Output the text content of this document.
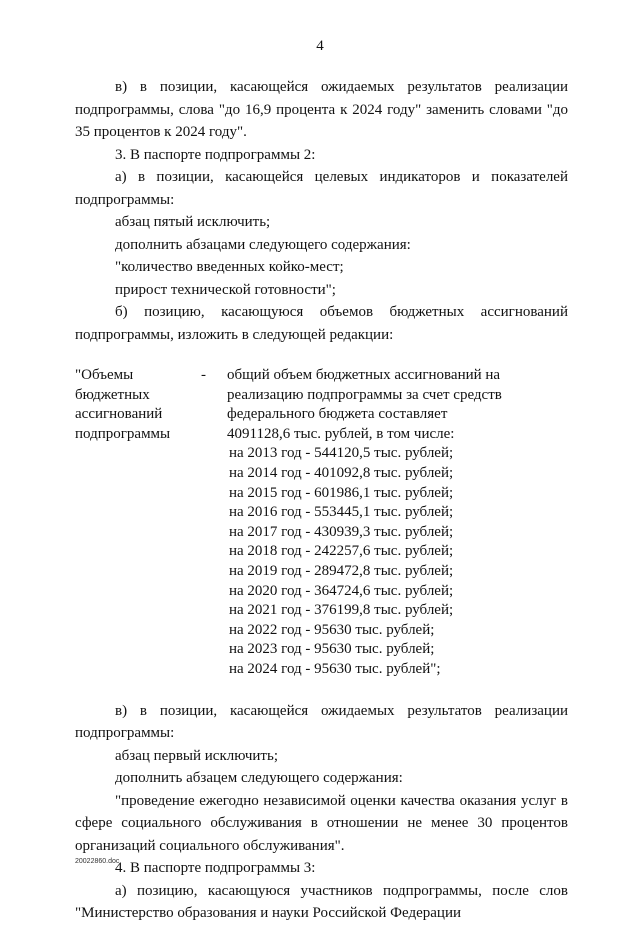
4

в) в позиции, касающейся ожидаемых результатов реализации подпрограммы, слова "до 16,9 процента к 2024 году" заменить словами "до 35 процентов к 2024 году".

3. В паспорте подпрограммы 2:

а) в позиции, касающейся целевых индикаторов и показателей подпрограммы:

абзац пятый исключить;

дополнить абзацами следующего содержания:

"количество введенных койко-мест;

прирост технической готовности";

б) позицию, касающуюся объемов бюджетных ассигнований подпрограммы, изложить в следующей редакции:

"Объемы
бюджетных
ассигнований
подпрограммы
-	общий объем бюджетных ассигнований на
реализацию подпрограммы за счет средств
федерального бюджета составляет
4091128,6 тыс. рублей, в том числе:
на 2013 год - 544120,5 тыс. рублей;
на 2014 год - 401092,8 тыс. рублей;
на 2015 год - 601986,1 тыс. рублей;
на 2016 год - 553445,1 тыс. рублей;
на 2017 год - 430939,3 тыс. рублей;
на 2018 год - 242257,6 тыс. рублей;
на 2019 год - 289472,8 тыс. рублей;
на 2020 год - 364724,6 тыс. рублей;
на 2021 год - 376199,8 тыс. рублей;
на 2022 год - 95630 тыс. рублей;
на 2023 год - 95630 тыс. рублей;
на 2024 год - 95630 тыс. рублей";

в) в позиции, касающейся ожидаемых результатов реализации подпрограммы:

абзац первый исключить;

дополнить абзацем следующего содержания:

"проведение ежегодно независимой оценки качества оказания услуг в сфере социального обслуживания в отношении не менее 30 процентов организаций социального обслуживания".

4. В паспорте подпрограммы 3:

а) позицию, касающуюся участников подпрограммы, после слов "Министерство образования и науки Российской Федерации

20022860.doc
